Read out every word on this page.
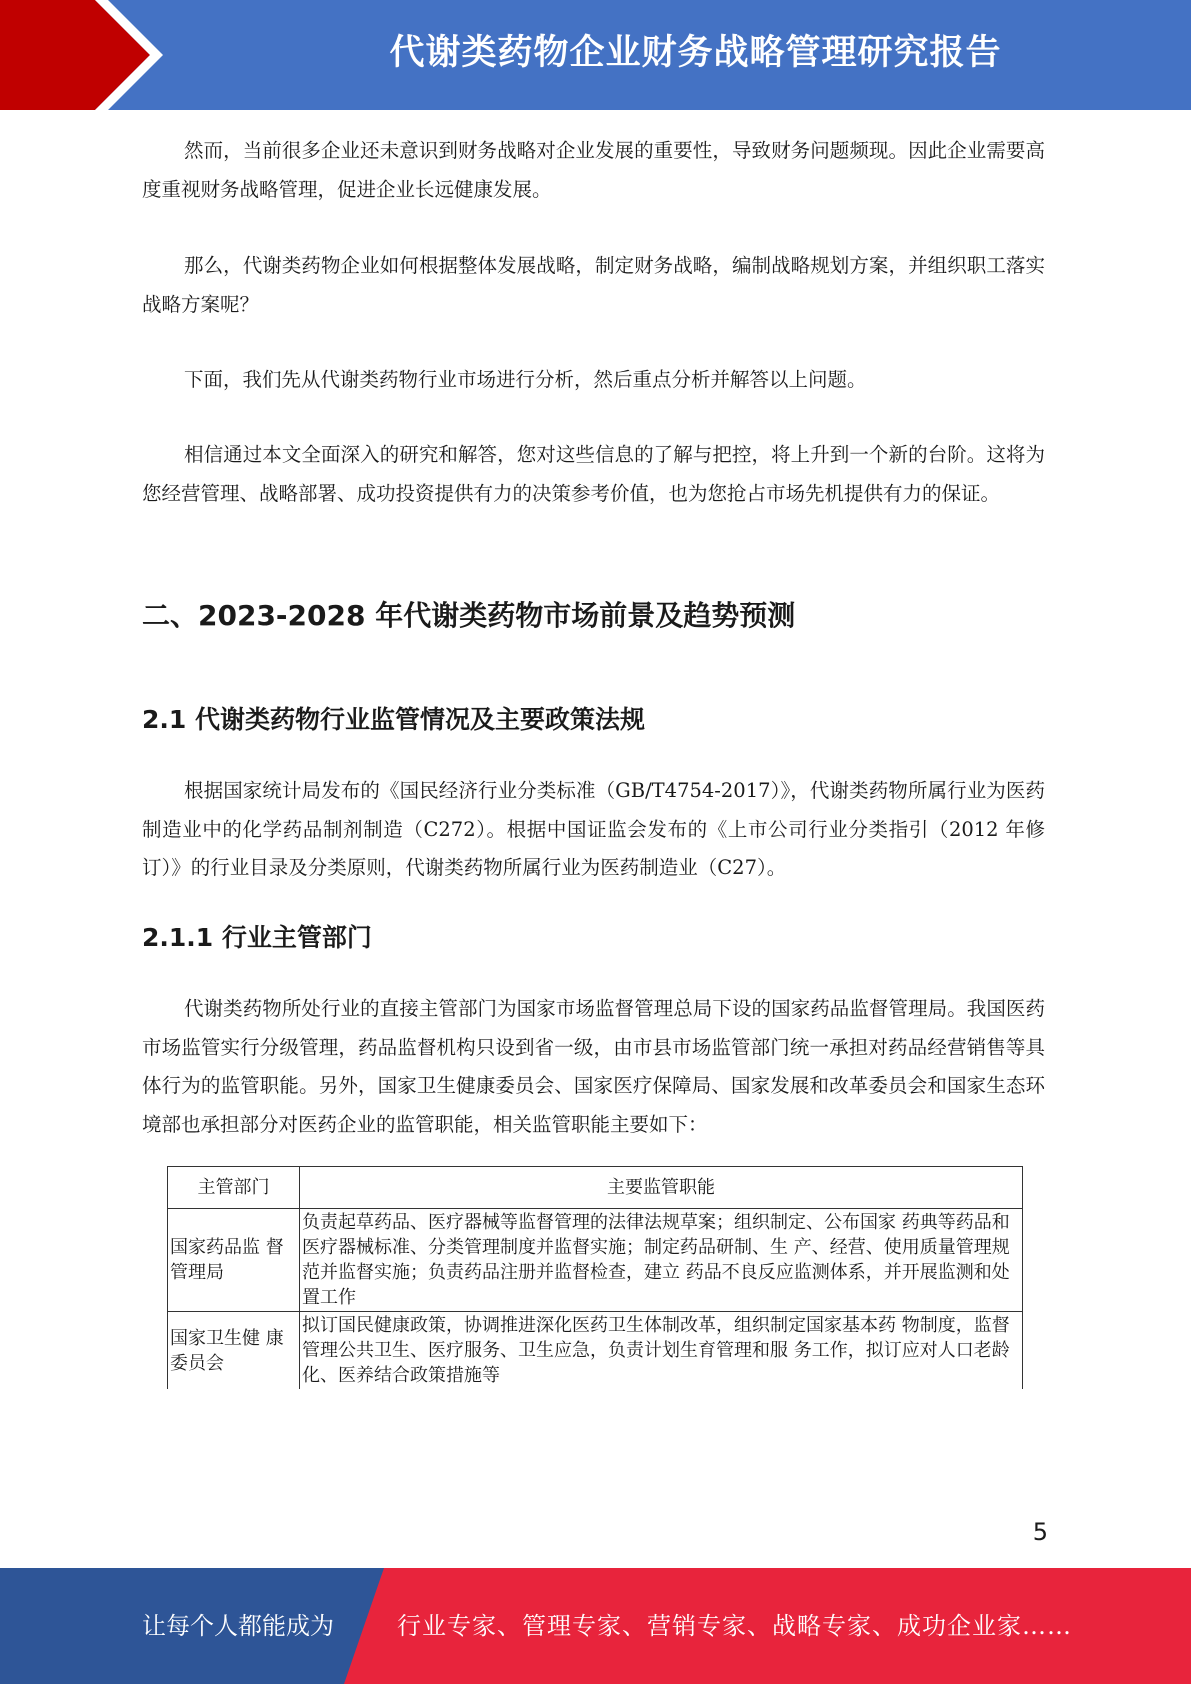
代谢类药物企业财务战略管理研究报告

然而，当前很多企业还未意识到财务战略对企业发展的重要性，导致财务问题频现。因此企业需要高度重视财务战略管理，促进企业长远健康发展。

那么，代谢类药物企业如何根据整体发展战略，制定财务战略，编制战略规划方案，并组织职工落实战略方案呢？

下面，我们先从代谢类药物行业市场进行分析，然后重点分析并解答以上问题。

相信通过本文全面深入的研究和解答，您对这些信息的了解与把控，将上升到一个新的台阶。这将为您经营管理、战略部署、成功投资提供有力的决策参考价值，也为您抢占市场先机提供有力的保证。

二、2023-2028 年代谢类药物市场前景及趋势预测
2.1 代谢类药物行业监管情况及主要政策法规

根据国家统计局发布的《国民经济行业分类标准（GB/T4754-2017）》，代谢类药物所属行业为医药制造业中的化学药品制剂制造（C272）。根据中国证监会发布的《上市公司行业分类指引（2012 年修订）》的行业目录及分类原则，代谢类药物所属行业为医药制造业（C27）。

2.1.1 行业主管部门

代谢类药物所处行业的直接主管部门为国家市场监督管理总局下设的国家药品监督管理局。我国医药市场监管实行分级管理，药品监督机构只设到省一级，由市县市场监管部门统一承担对药品经营销售等具体行为的监管职能。另外，国家卫生健康委员会、国家医疗保障局、国家发展和改革委员会和国家生态环境部也承担部分对医药企业的监管职能，相关监管职能主要如下：

主管部门	主要监管职能
国家药品监 督管理局	负责起草药品、医疗器械等监督管理的法律法规草案；组织制定、公布国家 药典等药品和医疗器械标准、分类管理制度并监督实施；制定药品研制、生 产、经营、使用质量管理规范并监督实施；负责药品注册并监督检查，建立 药品不良反应监测体系，并开展监测和处置工作
国家卫生健 康委员会	拟订国民健康政策，协调推进深化医药卫生体制改革，组织制定国家基本药 物制度，监督管理公共卫生、医疗服务、卫生应急，负责计划生育管理和服 务工作，拟订应对人口老龄化、医养结合政策措施等
5
让每个人都能成为	行业专家、管理专家、营销专家、战略专家、成功企业家……
